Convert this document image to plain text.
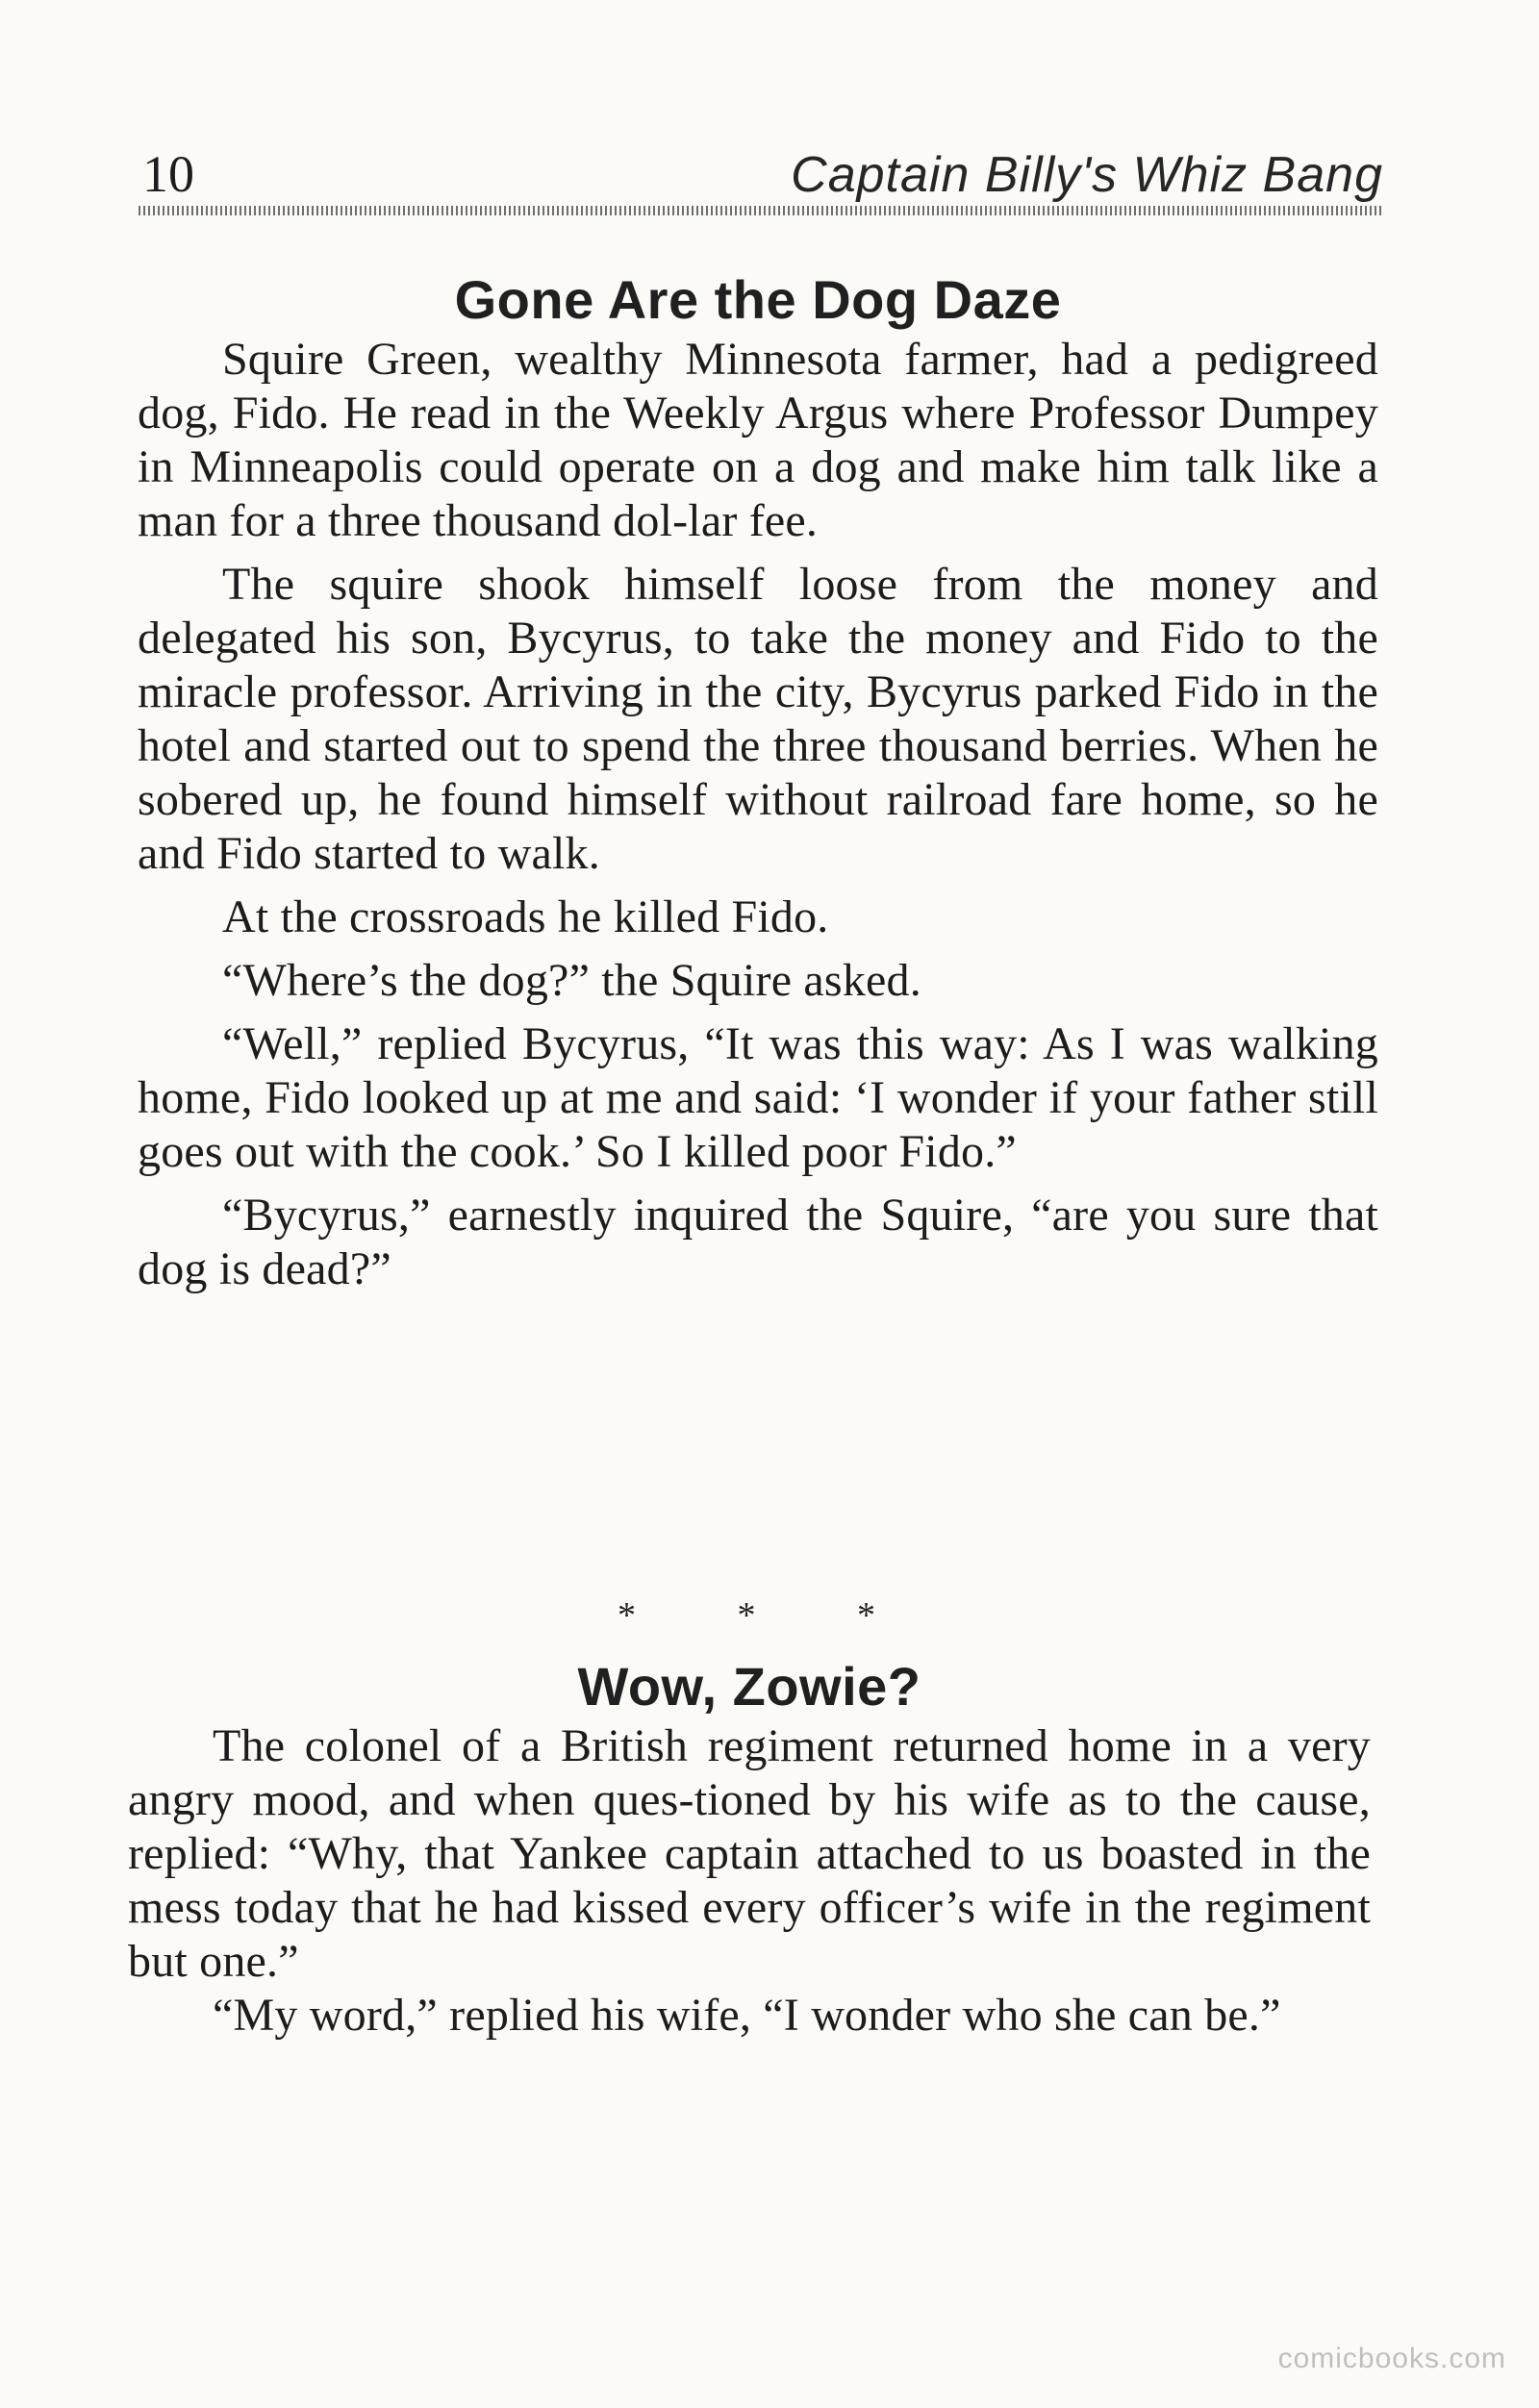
10	Captain Billy's Whiz Bang
Gone Are the Dog Daze

Squire Green, wealthy Minnesota farmer, had a pedigreed dog, Fido. He read in the Weekly Argus where Professor Dumpey in Minneapolis could operate on a dog and make him talk like a man for a three thousand dol-lar fee.

The squire shook himself loose from the money and delegated his son, Bycyrus, to take the money and Fido to the miracle professor. Arriving in the city, Bycyrus parked Fido in the hotel and started out to spend the three thousand berries. When he sobered up, he found himself without railroad fare home, so he and Fido started to walk.

At the crossroads he killed Fido.

“Where’s the dog?” the Squire asked.

“Well,” replied Bycyrus, “It was this way: As I was walking home, Fido looked up at me and said: ‘I wonder if your father still goes out with the cook.’ So I killed poor Fido.”

“Bycyrus,” earnestly inquired the Squire, “are you sure that dog is dead?”

* * *
Wow, Zowie?

The colonel of a British regiment returned home in a very angry mood, and when ques-tioned by his wife as to the cause, replied: “Why, that Yankee captain attached to us boasted in the mess today that he had kissed every officer’s wife in the regiment but one.”

“My word,” replied his wife, “I wonder who she can be.”

comicbooks.com
